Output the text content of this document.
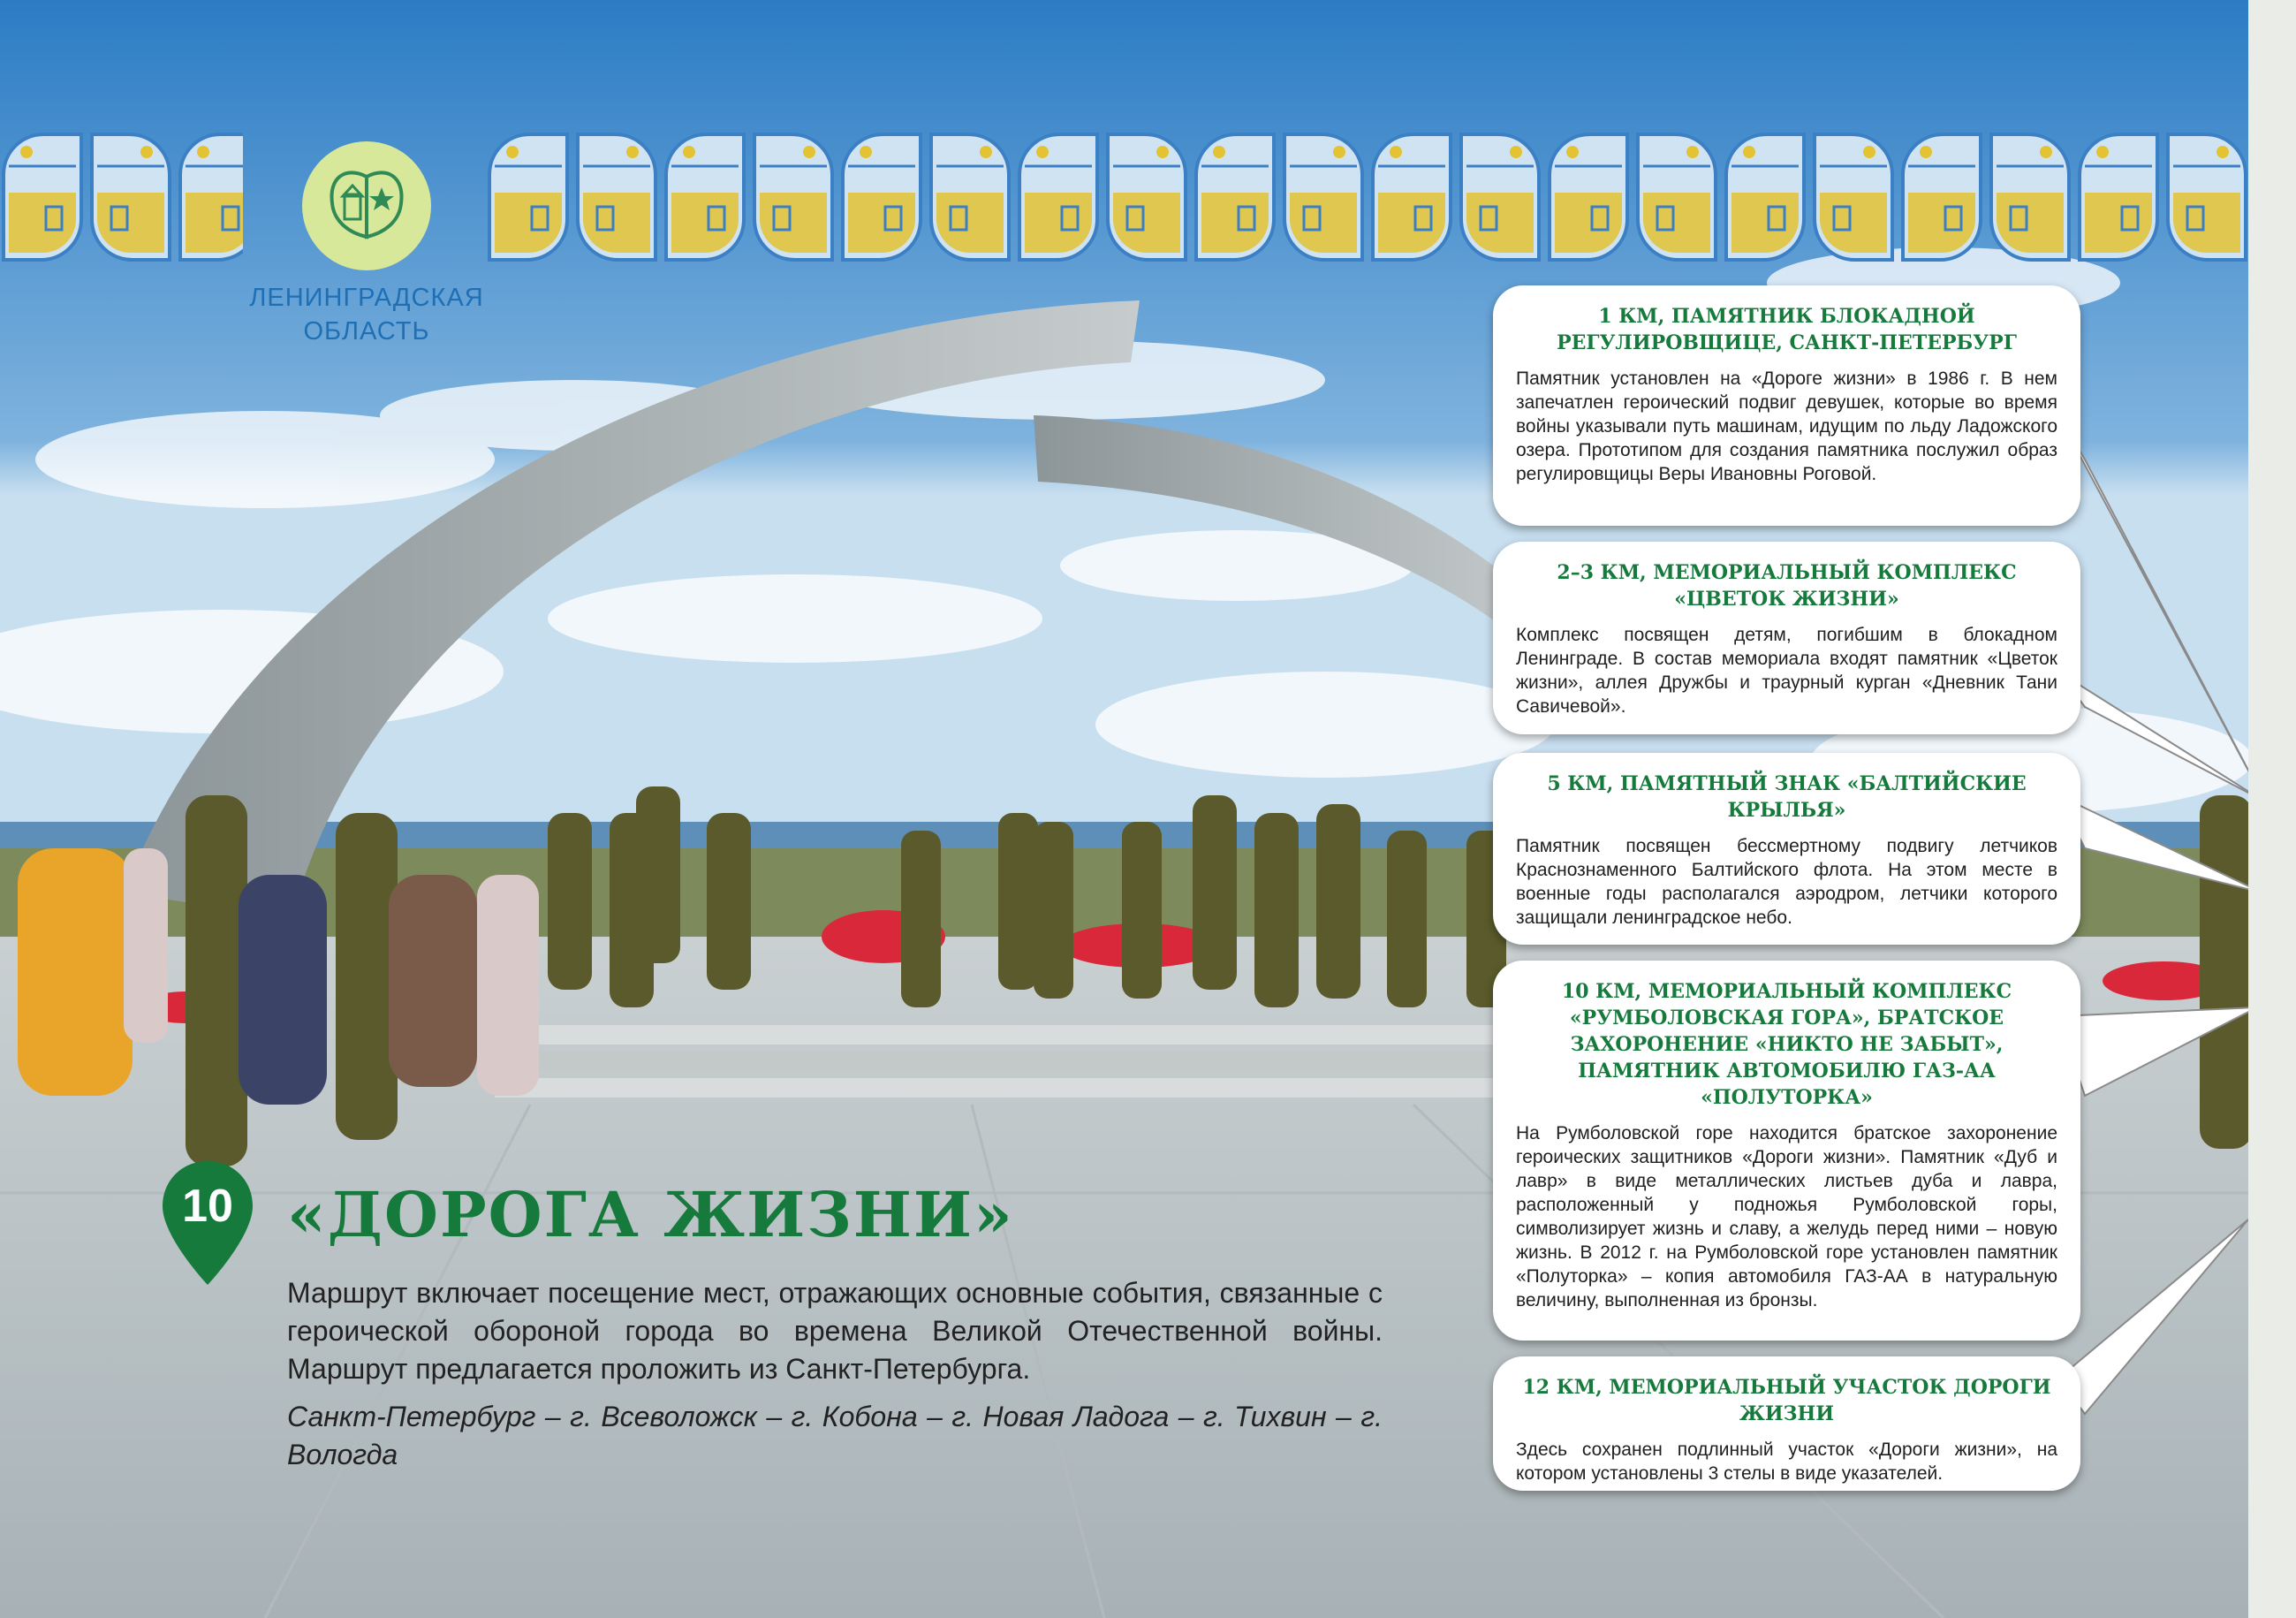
ЛЕНИНГРАДСКАЯ
ОБЛАСТЬ
1 КМ, ПАМЯТНИК БЛОКАДНОЙ РЕГУЛИРОВЩИЦЕ, САНКТ-ПЕТЕРБУРГ
Памятник установлен на «Дороге жизни» в 1986 г. В нем запечатлен героический подвиг девушек, которые во время войны указывали путь машинам, идущим по льду Ладожского озера. Прототипом для создания памятника послужил образ регулировщицы Веры Ивановны Роговой.
2–3 КМ, МЕМОРИАЛЬНЫЙ КОМПЛЕКС «ЦВЕТОК ЖИЗНИ»
Комплекс посвящен детям, погибшим в блокадном Ленинграде. В состав мемориала входят памятник «Цветок жизни», аллея Дружбы и траурный курган «Дневник Тани Савичевой».
5 КМ, ПАМЯТНЫЙ ЗНАК «БАЛТИЙСКИЕ КРЫЛЬЯ»
Памятник посвящен бессмертному подвигу летчиков Краснознаменного Балтийского флота. На этом месте в военные годы располагался аэродром, летчики которого защищали ленинградское небо.
10 КМ, МЕМОРИАЛЬНЫЙ КОМПЛЕКС «РУМБОЛОВСКАЯ ГОРА», БРАТСКОЕ ЗАХОРОНЕНИЕ «НИКТО НЕ ЗАБЫТ», ПАМЯТНИК АВТОМОБИЛЮ ГАЗ-АА «ПОЛУТОРКА»
На Румболовской горе находится братское захоронение героических защитников «Дороги жизни». Памятник «Дуб и лавр» в виде металлических листьев дуба и лавра, расположенный у подножья Румболовской горы, символизирует жизнь и славу, а желудь перед ними – новую жизнь. В 2012 г. на Румболовской горе установлен памятник «Полуторка» – копия автомобиля ГАЗ-АА в натуральную величину, выполненная из бронзы.
12 КМ, МЕМОРИАЛЬНЫЙ УЧАСТОК ДОРОГИ ЖИЗНИ
Здесь сохранен подлинный участок «Дороги жизни», на котором установлены 3 стелы в виде указателей.
10 «ДОРОГА ЖИЗНИ»
Маршрут включает посещение мест, отражающих основные события, связанные с героической обороной города во времена Великой Отечественной войны. Маршрут предлагается проложить из Санкт-Петербурга.
Санкт-Петербург – г. Всеволожск – г. Кобона – г. Новая Ладога – г. Тихвин – г. Вологда
